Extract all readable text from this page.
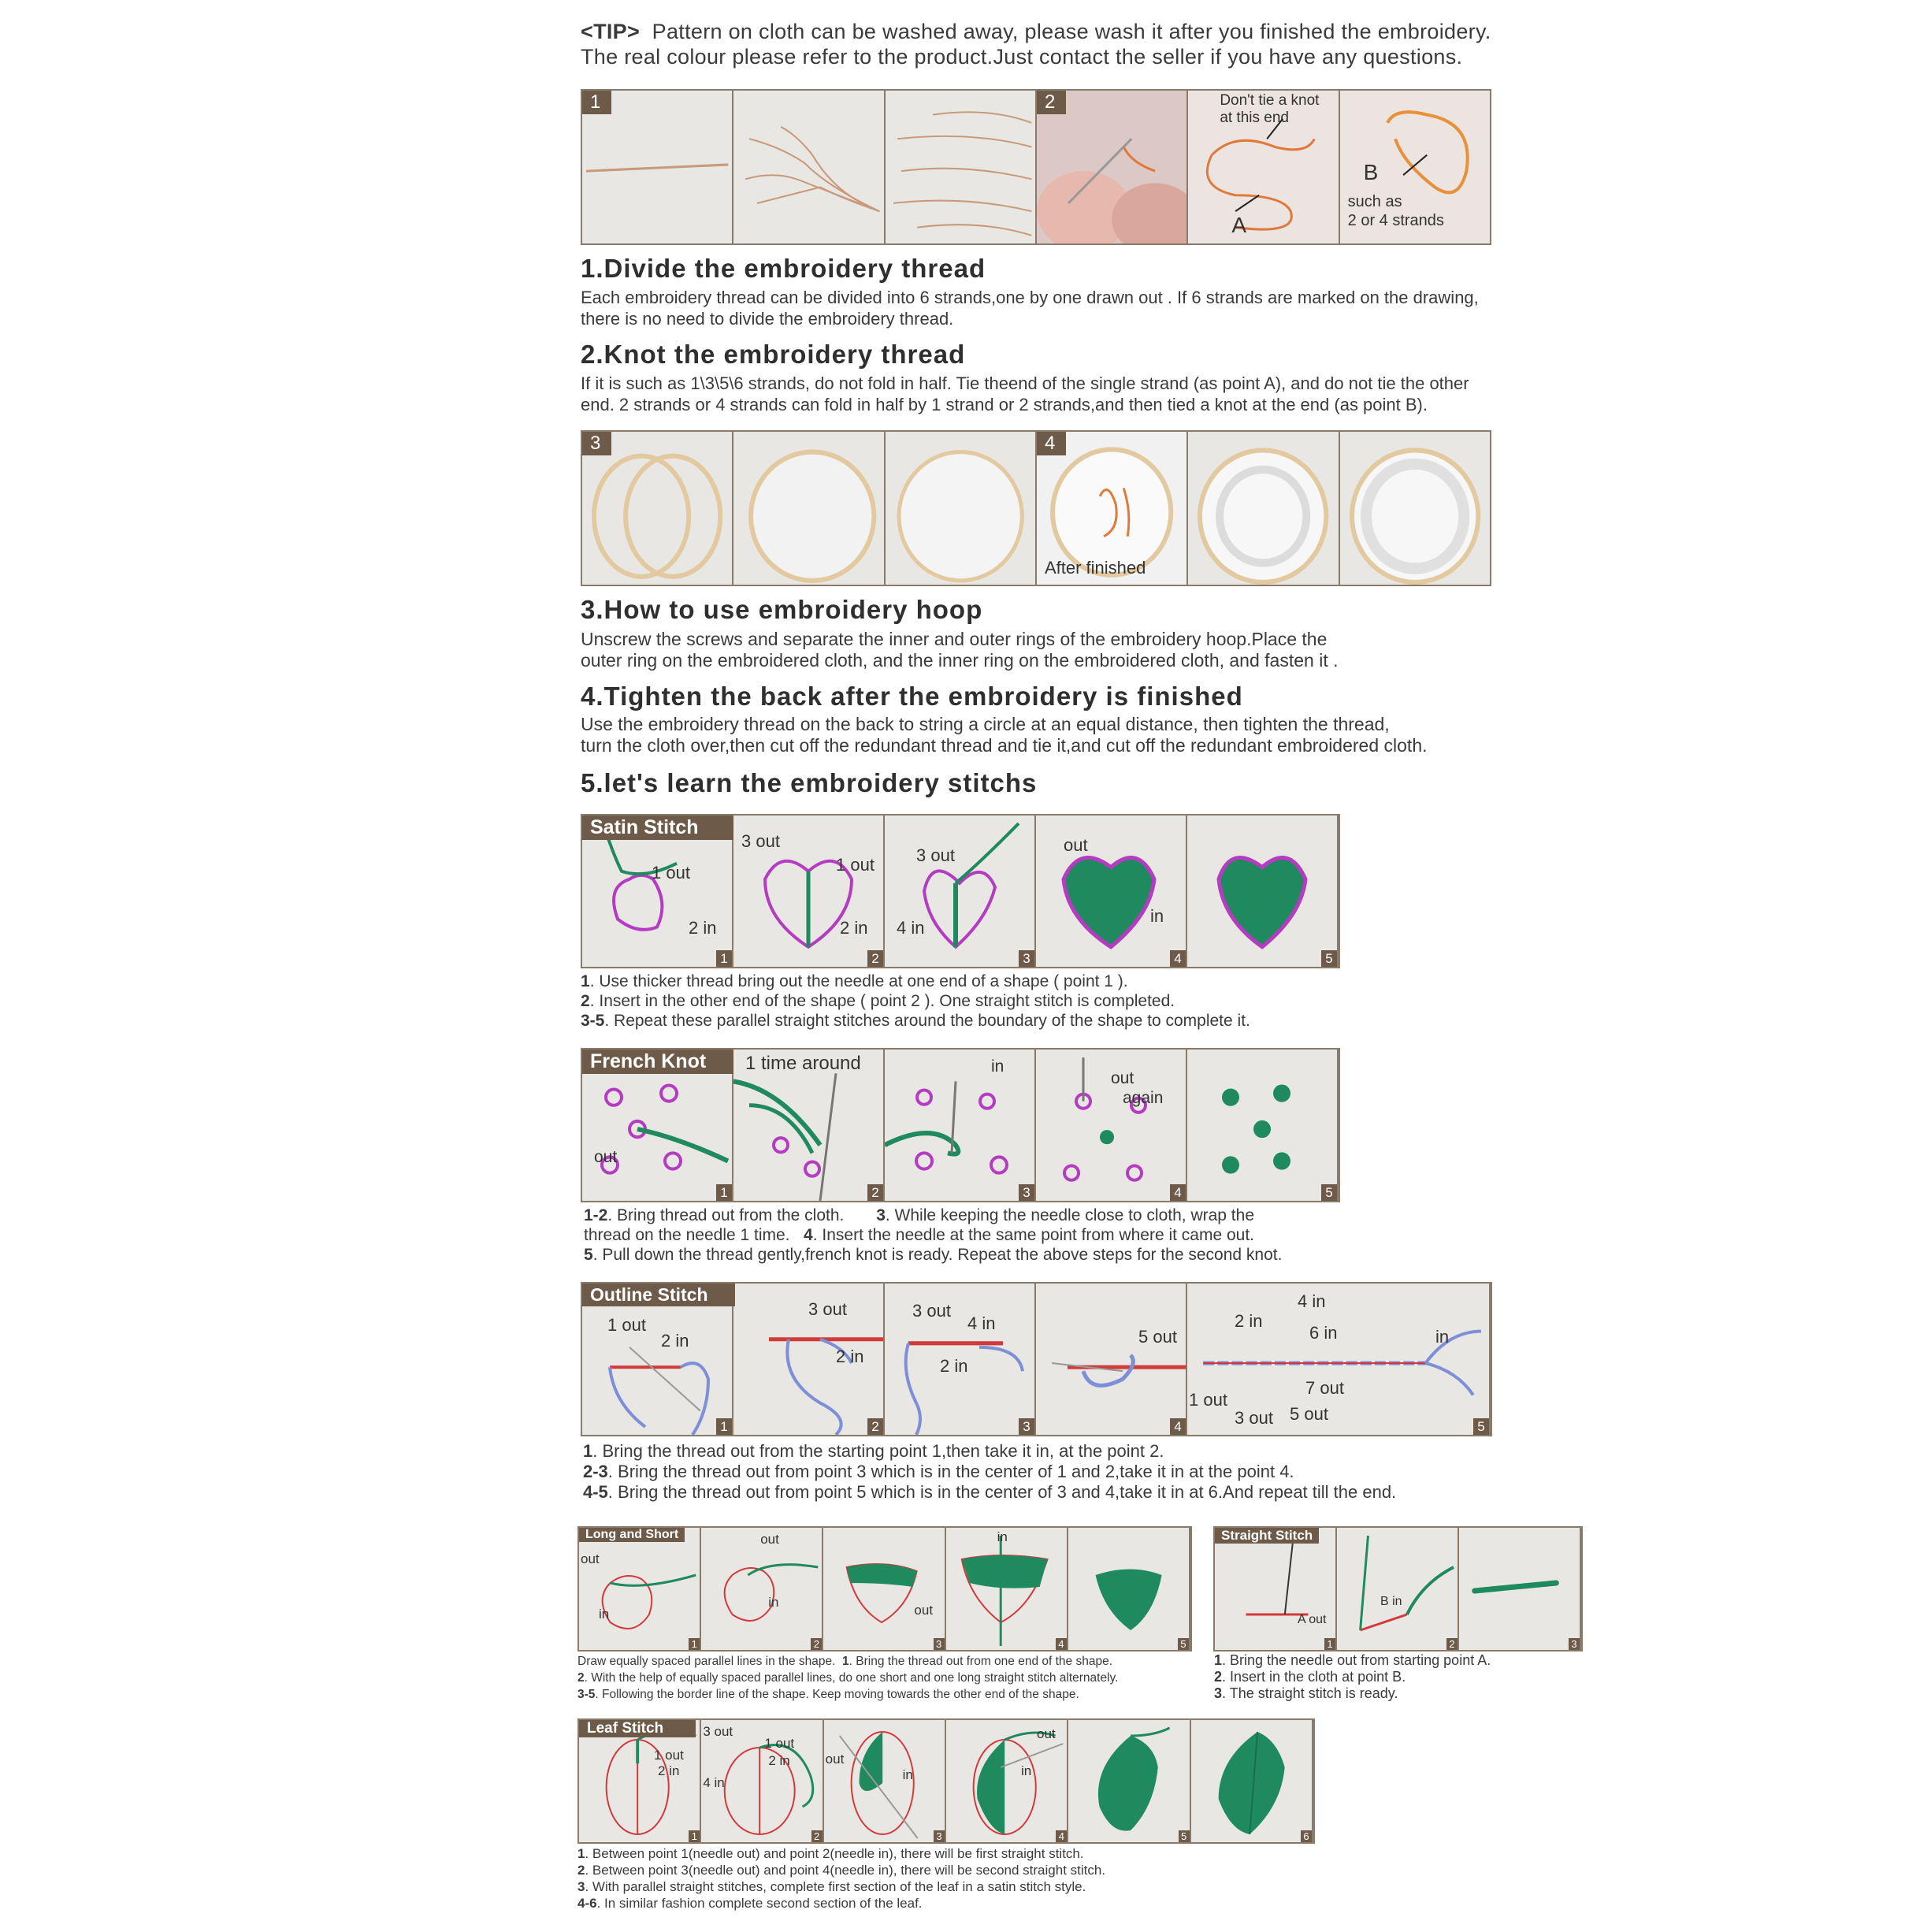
<TIP> Pattern on cloth can be washed away, please wash it after you finished the embroidery.
The real colour please refer to the product.Just contact the seller if you have any questions.
1	2	Don't tie a knot
at this end
A
B
such as
2 or 4 strands
1.Divide the embroidery thread
Each embroidery thread can be divided into 6 strands,one by one drawn out . If 6 strands are marked on the drawing,
there is no need to divide the embroidery thread.
2.Knot the embroidery thread
If it is such as 1\3\5\6 strands, do not fold in half. Tie theend of the single strand (as point A), and do not tie the other
end. 2 strands or 4 strands can fold in half by 1 strand or 2 strands,and then tied a knot at the end (as point B).
3	4
After finished
3.How to use embroidery hoop
Unscrew the screws and separate the inner and outer rings of the embroidery hoop.Place the
outer ring on the embroidered cloth, and the inner ring on the embroidered cloth, and fasten it .
4.Tighten the back after the embroidery is finished
Use the embroidery thread on the back to string a circle at an equal distance, then tighten the thread,
turn the cloth over,then cut off the redundant thread and tie it,and cut off the redundant embroidered cloth.
5.let's learn the embroidery stitchs
1 out
2 in
1
3 out
1 out
2 in
2
3 out
4 in
3
out
in
4	5
Satin Stitch
1. Use thicker thread bring out the needle at one end of a shape ( point 1 ).
2. Insert in the other end of the shape ( point 2 ). One straight stitch is completed.
3-5. Repeat these parallel straight stitches around the boundary of the shape to complete it.
out
1
1 time around
2
in
3
out
again
4	5
French Knot
1-2. Bring thread out from the cloth. 3. While keeping the needle close to cloth, wrap the
thread on the needle 1 time. 4. Insert the needle at the same point from where it came out.
5. Pull down the thread gently,french knot is ready. Repeat the above steps for the second knot.
1 out
2 in
1
3 out
2 in
2
3 out
4 in
2 in
3
5 out
4
4 in
2 in
6 in	in
7 out
1 out
3 out 5 out
5
Outline Stitch
1. Bring the thread out from the starting point 1,then take it in, at the point 2.
2-3. Bring the thread out from point 3 which is in the center of 1 and 2,take it in at the point 4.
4-5. Bring the thread out from point 5 which is in the center of 3 and 4,take it in at 6.And repeat till the end.
out
in
1
out
in
2
out
3
in
4	5
Long and Short
Draw equally spaced parallel lines in the shape. 1. Bring the thread out from one end of the shape.
2. With the help of equally spaced parallel lines, do one short and one long straight stitch alternately.
3-5. Following the border line of the shape. Keep moving towards the other end of the shape.
A out
1
B in
2	3
Straight Stitch
1. Bring the needle out from starting point A.
2. Insert in the cloth at point B.
3. The straight stitch is ready.
1 out
2 in
1
3 out
1 out
2 in
4 in
2
out
in
3
out
in
4	5	6
Leaf Stitch
1. Between point 1(needle out) and point 2(needle in), there will be first straight stitch.
2. Between point 3(needle out) and point 4(needle in), there will be second straight stitch.
3. With parallel straight stitches, complete first section of the leaf in a satin stitch style.
4-6. In similar fashion complete second section of the leaf.
